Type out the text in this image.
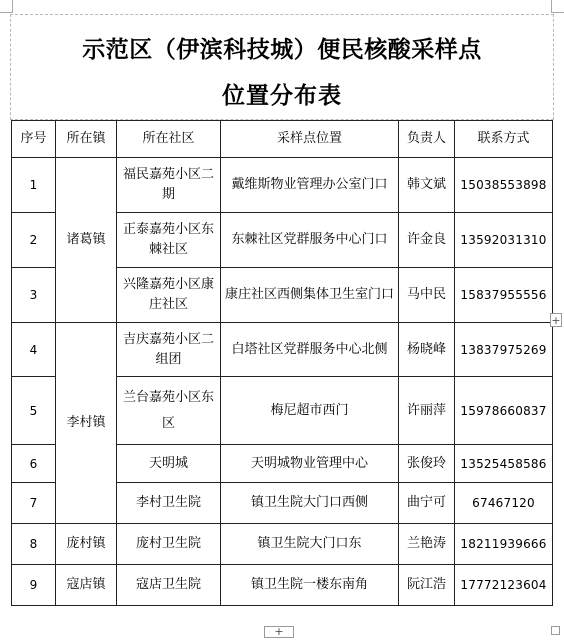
示范区（伊滨科技城）便民核酸采样点
位置分布表
序号	所在镇	所在社区	采样点位置	负责人	联系方式
1	诸葛镇	福民嘉苑小区二期	戴维斯物业管理办公室门口	韩文斌	15038553898
2		正泰嘉苑小区东棘社区	东棘社区党群服务中心门口	许金良	13592031310
3		兴隆嘉苑小区康庄社区	康庄社区西侧集体卫生室门口	马中民	15837955556
4	李村镇	吉庆嘉苑小区二组团	白塔社区党群服务中心北侧	杨晓峰	13837975269
5		兰台嘉苑小区东区	梅尼超市西门	许丽萍	15978660837
6		天明城	天明城物业管理中心	张俊玲	13525458586
7		李村卫生院	镇卫生院大门口西侧	曲宁可	67467120
8	庞村镇	庞村卫生院	镇卫生院大门口东	兰艳涛	18211939666
9	寇店镇	寇店卫生院	镇卫生院一楼东南角	阮江浩	17772123604
+
+
